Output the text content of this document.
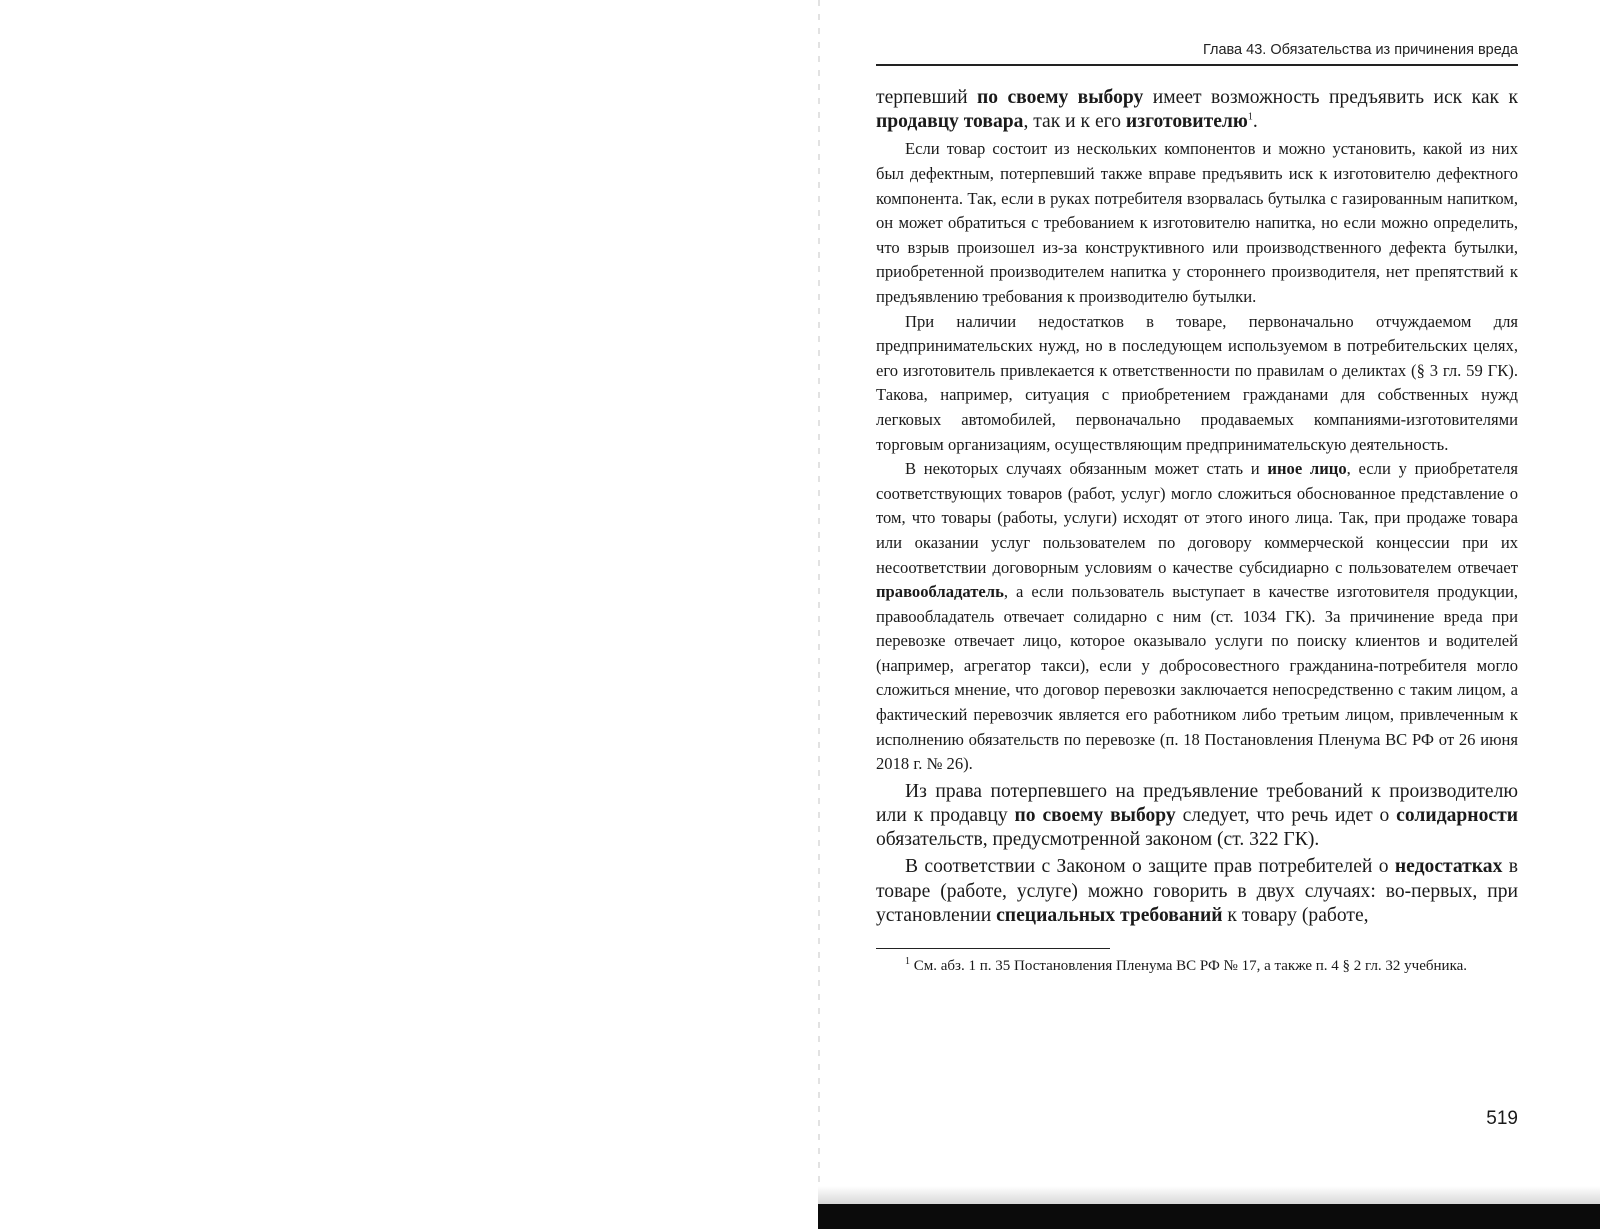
Глава 43. Обязательства из причинения вреда

терпевший по своему выбору имеет возможность предъявить иск как к продавцу товара, так и к его изготовителю$^1$.

Если товар состоит из нескольких компонентов и можно установить, какой из них был дефектным, потерпевший также вправе предъявить иск к изготовителю дефектного компонента. Так, если в руках потребителя взорвалась бутылка с газированным напитком, он может обратиться с требованием к изготовителю напитка, но если можно определить, что взрыв произошел из-за конструктивного или производственного дефекта бутылки, приобретенной производителем напитка у стороннего производителя, нет препятствий к предъявлению требования к производителю бутылки.

При наличии недостатков в товаре, первоначально отчуждаемом для предпринимательских нужд, но в последующем используемом в потребительских целях, его изготовитель привлекается к ответственности по правилам о деликтах (§ 3 гл. 59 ГК). Такова, например, ситуация с приобретением гражданами для собственных нужд легковых автомобилей, первоначально продаваемых компаниями-изготовителями торговым организациям, осуществляющим предпринимательскую деятельность.

В некоторых случаях обязанным может стать и иное лицо, если у приобретателя соответствующих товаров (работ, услуг) могло сложиться обоснованное представление о том, что товары (работы, услуги) исходят от этого иного лица. Так, при продаже товара или оказании услуг пользователем по договору коммерческой концессии при их несоответствии договорным условиям о качестве субсидиарно с пользователем отвечает правообладатель, а если пользователь выступает в качестве изготовителя продукции, правообладатель отвечает солидарно с ним (ст. 1034 ГК). За причинение вреда при перевозке отвечает лицо, которое оказывало услуги по поиску клиентов и водителей (например, агрегатор такси), если у добросовестного гражданина-потребителя могло сложиться мнение, что договор перевозки заключается непосредственно с таким лицом, а фактический перевозчик является его работником либо третьим лицом, привлеченным к исполнению обязательств по перевозке (п. 18 Постановления Пленума ВС РФ от 26 июня 2018 г. № 26).

Из права потерпевшего на предъявление требований к производителю или к продавцу по своему выбору следует, что речь идет о солидарности обязательств, предусмотренной законом (ст. 322 ГК).

В соответствии с Законом о защите прав потребителей о недостатках в товаре (работе, услуге) можно говорить в двух случаях: во-первых, при установлении специальных требований к товару (работе,

$^1$ См. абз. 1 п. 35 Постановления Пленума ВС РФ № 17, а также п. 4 § 2 гл. 32 учебника.

519
